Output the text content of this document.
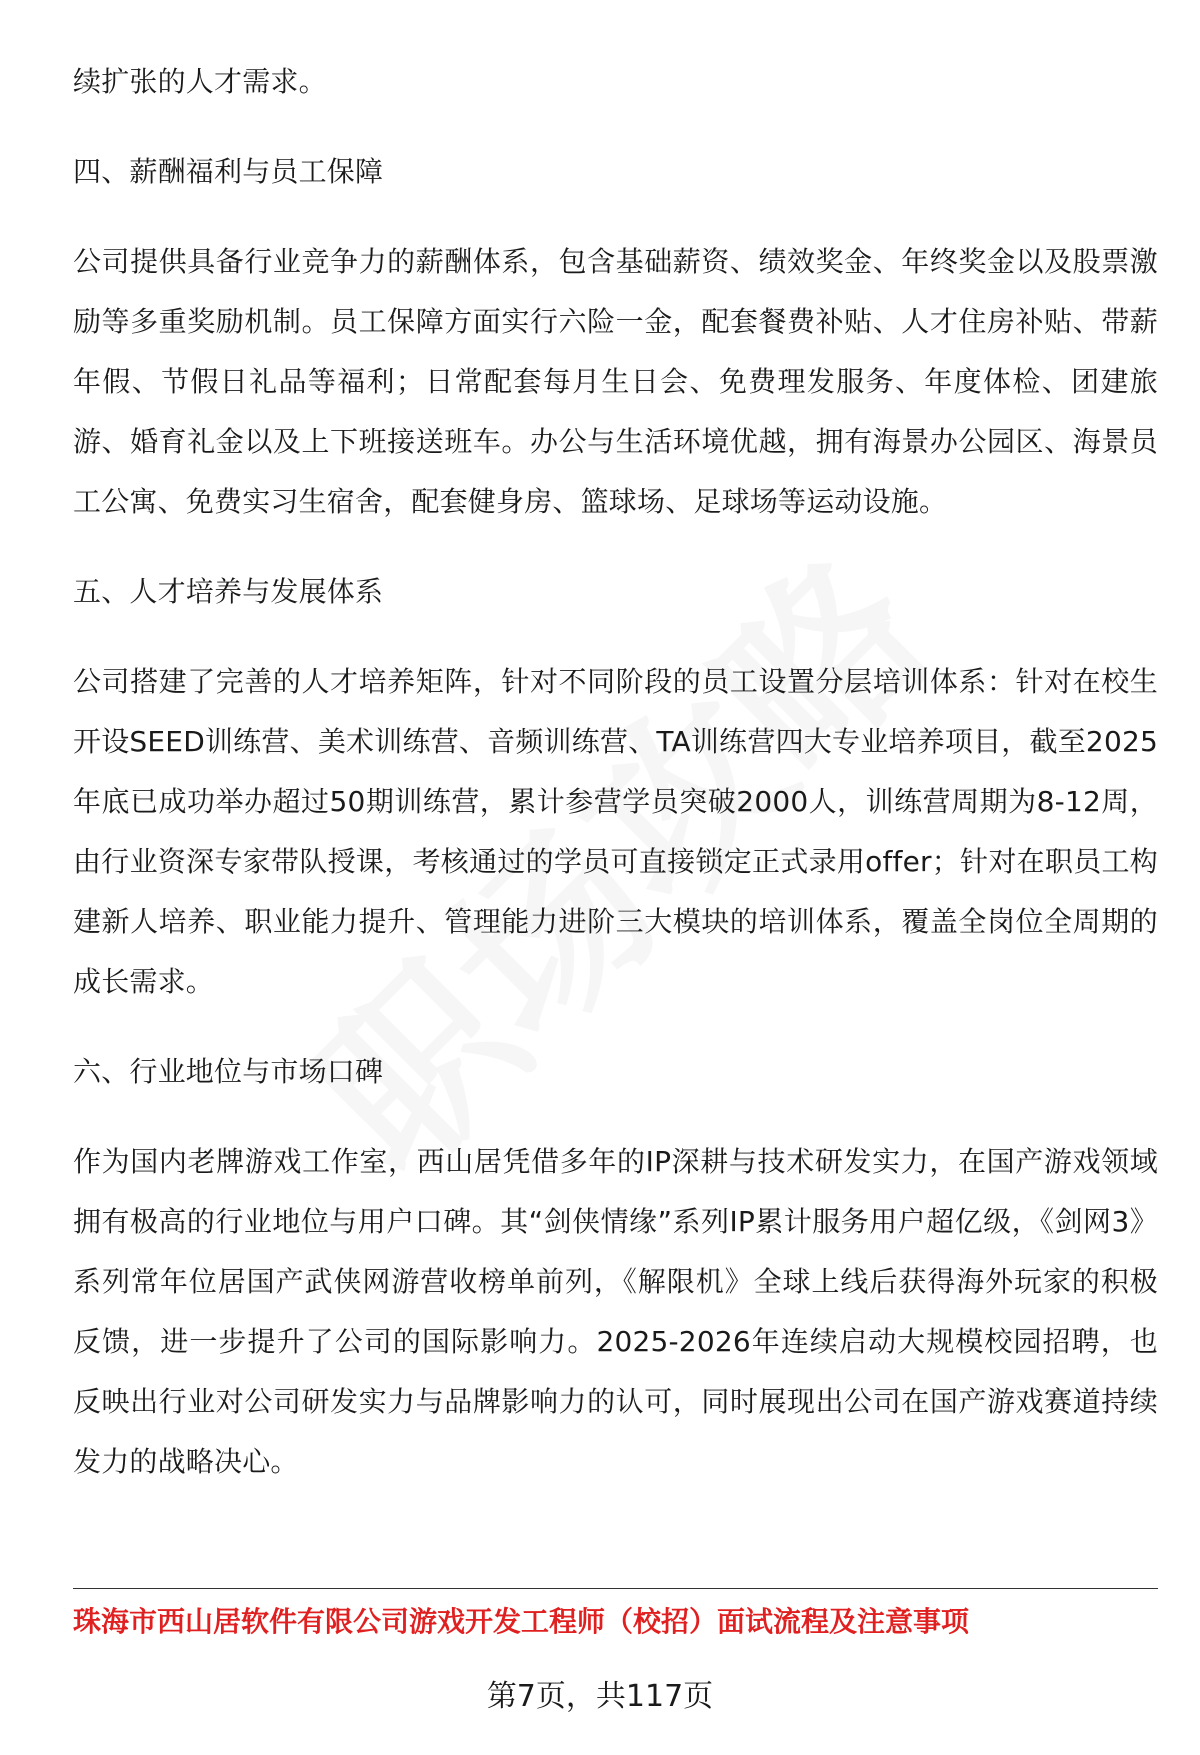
续扩张的人才需求。

四、薪酬福利与员工保障

公司提供具备行业竞争力的薪酬体系，包含基础薪资、绩效奖金、年终奖金以及股票激励等多重奖励机制。员工保障方面实行六险一金，配套餐费补贴、人才住房补贴、带薪年假、节假日礼品等福利；日常配套每月生日会、免费理发服务、年度体检、团建旅游、婚育礼金以及上下班接送班车。办公与生活环境优越，拥有海景办公园区、海景员工公寓、免费实习生宿舍，配套健身房、篮球场、足球场等运动设施。

五、人才培养与发展体系

公司搭建了完善的人才培养矩阵，针对不同阶段的员工设置分层培训体系：针对在校生开设SEED训练营、美术训练营、音频训练营、TA训练营四大专业培养项目，截至2025年底已成功举办超过50期训练营，累计参营学员突破2000人，训练营周期为8-12周，由行业资深专家带队授课，考核通过的学员可直接锁定正式录用offer；针对在职员工构建新人培养、职业能力提升、管理能力进阶三大模块的培训体系，覆盖全岗位全周期的成长需求。

六、行业地位与市场口碑

作为国内老牌游戏工作室，西山居凭借多年的IP深耕与技术研发实力，在国产游戏领域拥有极高的行业地位与用户口碑。其“剑侠情缘”系列IP累计服务用户超亿级，《剑网3》系列常年位居国产武侠网游营收榜单前列，《解限机》全球上线后获得海外玩家的积极反馈，进一步提升了公司的国际影响力。2025-2026年连续启动大规模校园招聘，也反映出行业对公司研发实力与品牌影响力的认可，同时展现出公司在国产游戏赛道持续发力的战略决心。

珠海市西山居软件有限公司游戏开发工程师（校招）面试流程及注意事项
第7页，共117页
